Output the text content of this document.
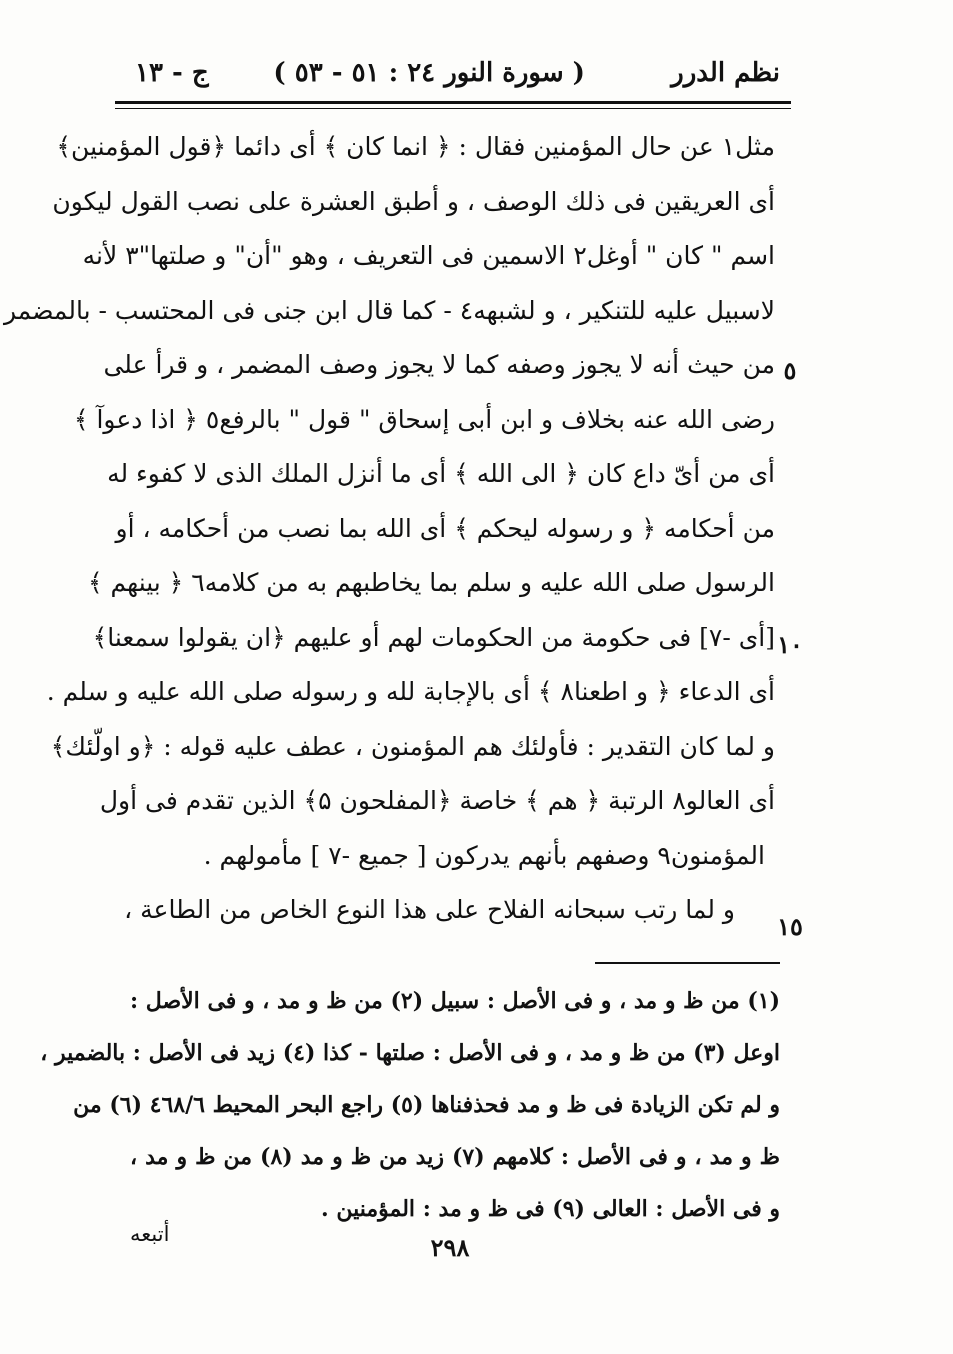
نظم الدرر
( سورة النور ٢٤ : ٥١ - ٥٣ )
ج - ١٣
مثل١ عن حال المؤمنين فقال : ﴿ انما كان ﴾ أى دائما ﴿قول المؤمنين﴾
أى العريقين فى ذلك الوصف ، و أطبق العشرة على نصب القول ليكون
اسم " كان " أوغل٢ الاسمين فى التعريف ، وهو "أن" و صلتها"٣ لأنه
لاسبيل عليه للتنكير ، و لشبهه٤ - كما قال ابن جنى فى المحتسب - بالمضمر
من حيث أنه لا يجوز وصفه كما لا يجوز وصف المضمر ، و قرأ على
رضى الله عنه بخلاف و ابن أبى إسحاق " قول " بالرفع٥ ﴿ اذا دعوآ ﴾
أى من أىّ داع كان ﴿ الى الله ﴾ أى ما أنزل الملك الذى لا كفوء له
من أحكامه ﴿ و رسوله ليحكم ﴾ أى الله بما نصب من أحكامه ، أو
الرسول صلى الله عليه و سلم بما يخاطبهم به من كلامه٦ ﴿ بينهم ﴾
[أى -٧] فى حكومة من الحكومات لهم أو عليهم ﴿ان يقولوا سمعنا﴾
أى الدعاء ﴿ و اطعنا٨ ﴾ أى بالإجابة لله و رسوله صلى الله عليه و سلم .
و لما كان التقدير : فأولئك هم المؤمنون ، عطف عليه قوله : ﴿و اولّئك﴾
أى العالو٨ الرتبة ﴿ هم ﴾ خاصة ﴿المفلحون ۵﴾ الذين تقدم فى أول
المؤمنون٩ وصفهم بأنهم يدركون [ جميع -٧ ] مأمولهم .
و لما رتب سبحانه الفلاح على هذا النوع الخاص من الطاعة ،
٥
١٠
١٥
(١) من ظ و مد ، و فى الأصل : سبيل (٢) من ظ و مد ، و فى الأصل :
اوعل (٣) من ظ و مد ، و فى الأصل : صلتها - كذا (٤) زيد فى الأصل : بالضمير ،
و لم تكن الزيادة فى ظ و مد فحذفناها (٥) راجع البحر المحيط ٤٦٨/٦ (٦) من
ظ و مد ، و فى الأصل : كلامهم (٧) زيد من ظ و مد (٨) من ظ و مد ،
و فى الأصل : العالى (٩) فى ظ و مد : المؤمنين .
٢٩٨
أتبعه
